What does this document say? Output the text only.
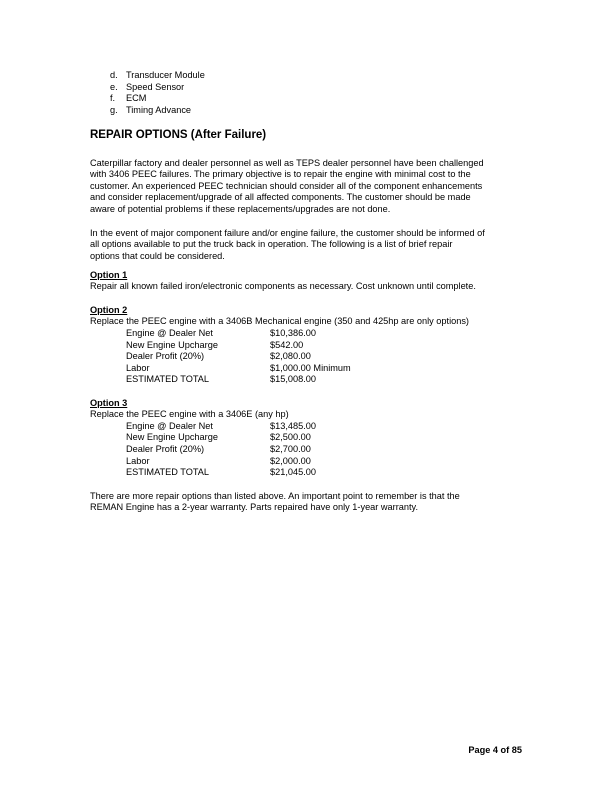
d. Transducer Module
e. Speed Sensor
f. ECM
g. Timing Advance
REPAIR OPTIONS (After Failure)
Caterpillar factory and dealer personnel as well as TEPS dealer personnel have been challenged
with 3406 PEEC failures. The primary objective is to repair the engine with minimal cost to the
customer. An experienced PEEC technician should consider all of the component enhancements
and consider replacement/upgrade of all affected components. The customer should be made
aware of potential problems if these replacements/upgrades are not done.
In the event of major component failure and/or engine failure, the customer should be informed of
all options available to put the truck back in operation. The following is a list of brief repair
options that could be considered.
Option 1
Repair all known failed iron/electronic components as necessary. Cost unknown until complete.
Option 2
Replace the PEEC engine with a 3406B Mechanical engine (350 and 425hp are only options)
Engine @ Dealer Net	$10,386.00
New Engine Upcharge	$542.00
Dealer Profit (20%)	$2,080.00
Labor	$1,000.00 Minimum
ESTIMATED TOTAL	$15,008.00
Option 3
Replace the PEEC engine with a 3406E (any hp)
Engine @ Dealer Net	$13,485.00
New Engine Upcharge	$2,500.00
Dealer Profit (20%)	$2,700.00
Labor	$2,000.00
ESTIMATED TOTAL	$21,045.00
There are more repair options than listed above. An important point to remember is that the
REMAN Engine has a 2-year warranty. Parts repaired have only 1-year warranty.
Page 4 of 85
